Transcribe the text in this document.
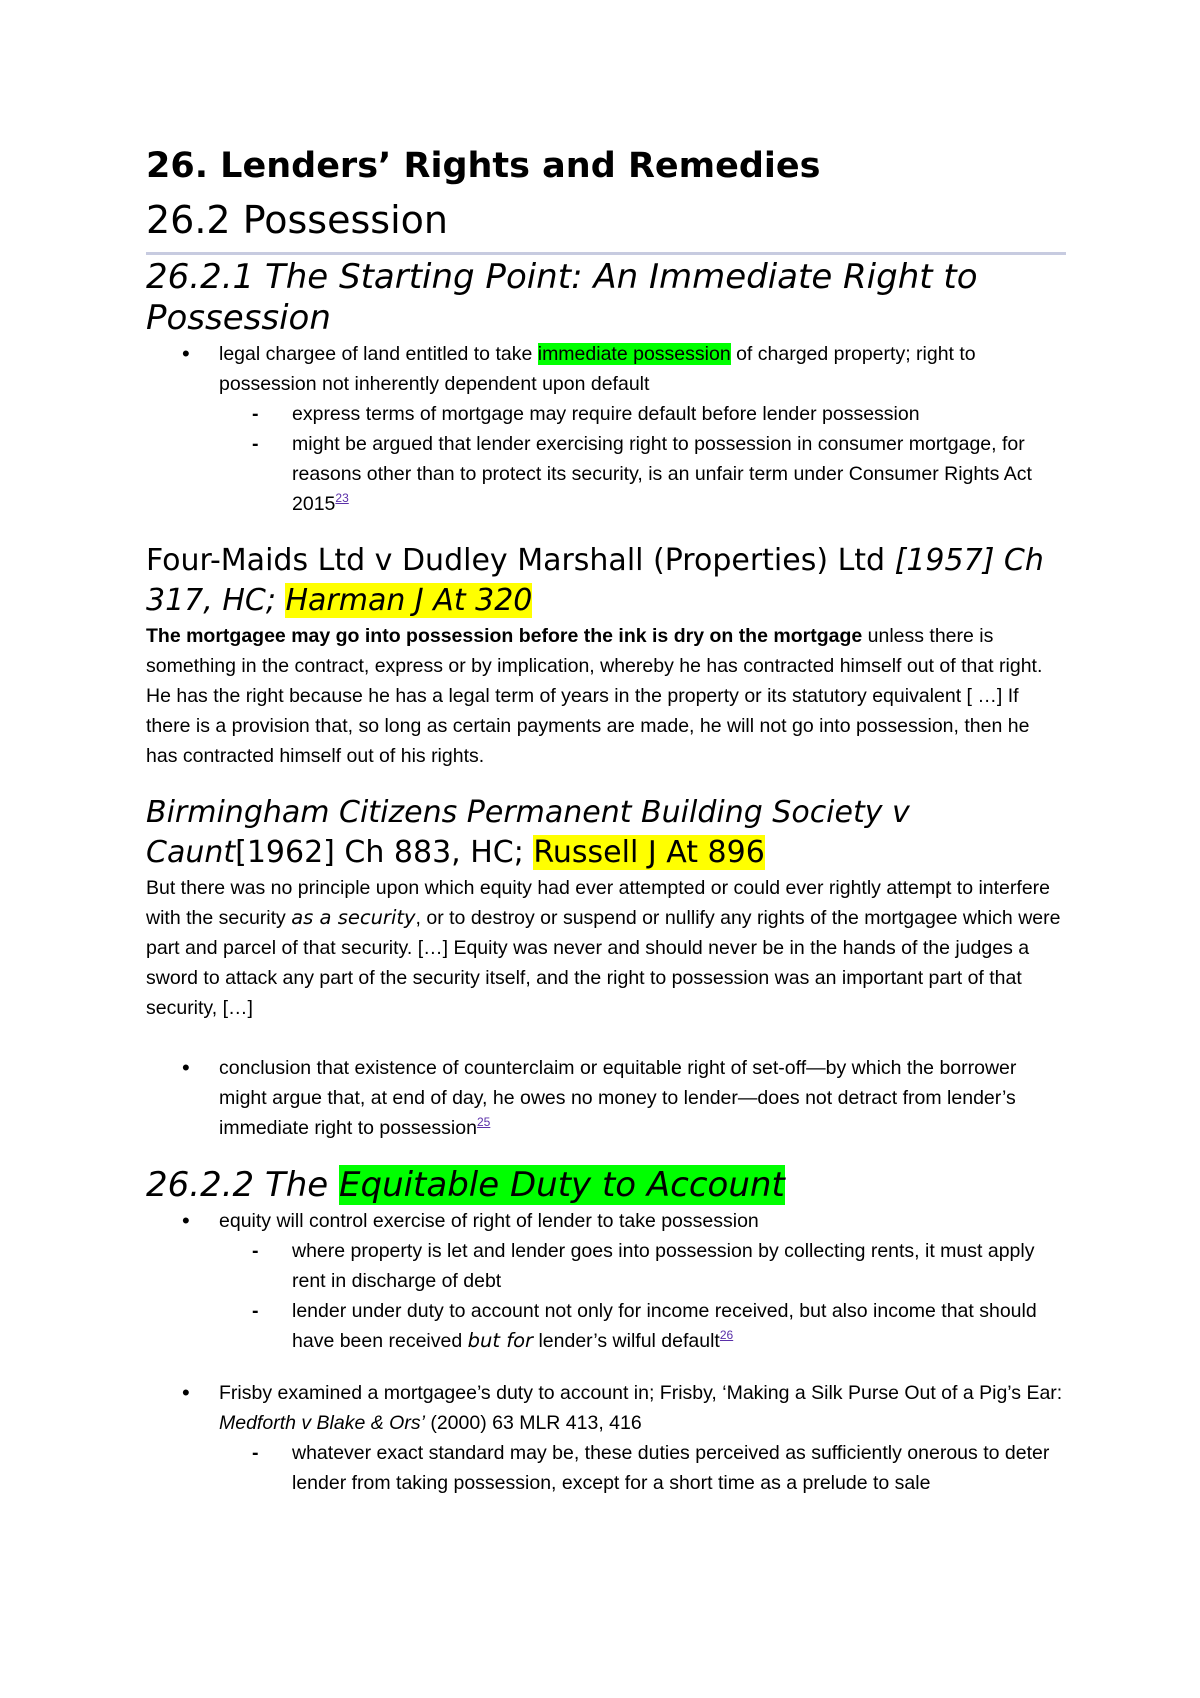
26. Lenders’ Rights and Remedies
26.2 Possession
26.2.1 The Starting Point: An Immediate Right to Possession
• legal chargee of land entitled to take immediate possession of charged property; right to possession not inherently dependent upon default
- express terms of mortgage may require default before lender possession
- might be argued that lender exercising right to possession in consumer mortgage, for reasons other than to protect its security, is an unfair term under Consumer Rights Act 2015$^{23}$
Four-Maids Ltd v Dudley Marshall (Properties) Ltd [1957] Ch 317, HC; Harman J At 320

The mortgagee may go into possession before the ink is dry on the mortgage unless there is something in the contract, express or by implication, whereby he has contracted himself out of that right. He has the right because he has a legal term of years in the property or its statutory equivalent [ …] If there is a provision that, so long as certain payments are made, he will not go into possession, then he has contracted himself out of his rights.

Birmingham Citizens Permanent Building Society v Caunt[1962] Ch 883, HC; Russell J At 896

But there was no principle upon which equity had ever attempted or could ever rightly attempt to interfere with the security as a security, or to destroy or suspend or nullify any rights of the mortgagee which were part and parcel of that security. […] Equity was never and should never be in the hands of the judges a sword to attack any part of the security itself, and the right to possession was an important part of that security, […]

• conclusion that existence of counterclaim or equitable right of set-off—by which the borrower might argue that, at end of day, he owes no money to lender—does not detract from lender’s immediate right to possession$^{25}$
26.2.2 The Equitable Duty to Account
• equity will control exercise of right of lender to take possession
- where property is let and lender goes into possession by collecting rents, it must apply rent in discharge of debt
- lender under duty to account not only for income received, but also income that should have been received but for lender’s wilful default$^{26}$
• Frisby examined a mortgagee’s duty to account in; Frisby, ‘Making a Silk Purse Out of a Pig’s Ear: Medforth v Blake & Ors’ (2000) 63 MLR 413, 416
- whatever exact standard may be, these duties perceived as sufficiently onerous to deter lender from taking possession, except for a short time as a prelude to sale
